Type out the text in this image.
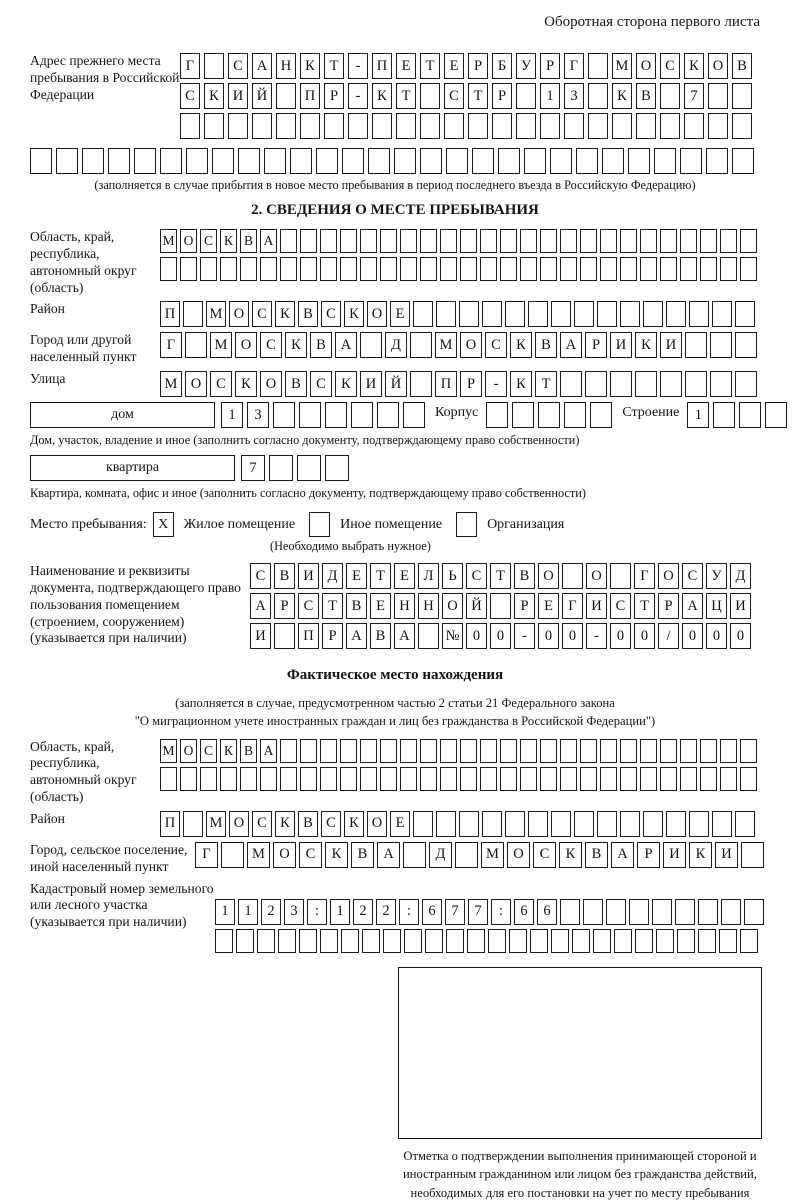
Оборотная сторона первого листа
Адрес прежнего места пребывания в Российской Федерации
Г	С А Н К	Т	-	П Е	Т	Е	Р	Б	У	Р	Г	М О С К О В
С К И Й	П	Р	-	К	Т	С	Т	Р	1	3	К В	7
(заполняется в случае прибытия в новое место пребывания в период последнего въезда в Российскую Федерацию)
2. СВЕДЕНИЯ О МЕСТЕ ПРЕБЫВАНИЯ
Область, край, республика, автономный округ (область)
М О С К В А
Район	П	М О С К В С К О Е
Город или другой населенный пункт
Г	М О	С	К	В	А	Д	М О	С	К	В	А	Р	И	К	И
Улица	М О	С	К	О	В	С	К	И	Й	П	Р	-	К	Т
дом	1	3	Корпус	Строение	1
Дом, участок, владение и иное (заполнить согласно документу, подтверждающему право собственности)
квартира	7
Квартира, комната, офис и иное (заполнить согласно документу, подтверждающему право собственности)
Место пребывания: X	Жилое помещение	Иное помещение	Организация
(Необходимо выбрать нужное)
Наименование и реквизиты документа, подтверждающего право пользования помещением (строением, сооружением) (указывается при наличии)
С В И Д	Е	Т	Е	Л	Ь	С	Т	В О	О	Г	О С У Д
А	Р	С	Т	В	Е Н Н О Й	Р	Е	Г	И С	Т	Р	А Ц И
И	П	Р	А В А	№ 0	0	-	0	0	-	0	0	/	0	0	0
Фактическое место нахождения
(заполняется в случае, предусмотренном частью 2 статьи 21 Федерального закона
"О миграционном учете иностранных граждан и лиц без гражданства в Российской Федерации")
Область, край, республика, автономный округ (область)
М О С К В А
Район	П	М О С К В С К О Е
Город, сельское поселение, иной населенный пункт
Г	М О	С	К	В	А	Д	М О	С	К	В	А	Р	И	К	И
Кадастровый номер земельного или лесного участка (указывается при наличии)
1	1	2	3	:	1	2	2	:	6	7	7	:	6	6
Отметка о подтверждении выполнения принимающей стороной и иностранным гражданином или лицом без гражданства действий, необходимых для его постановки на учет по месту пребывания
